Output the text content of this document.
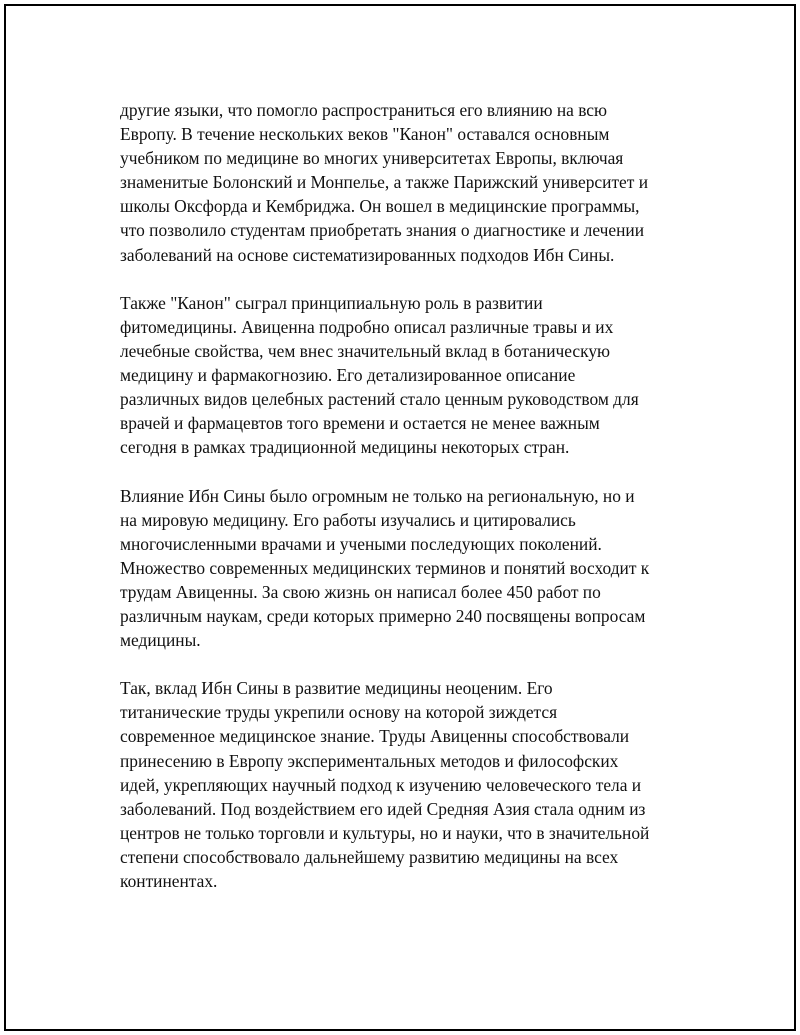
другие языки, что помогло распространиться его влиянию на всю
Европу. В течение нескольких веков "Канон" оставался основным
учебником по медицине во многих университетах Европы, включая
знаменитые Болонский и Монпелье, а также Парижский университет и
школы Оксфорда и Кембриджа. Он вошел в медицинские программы,
что позволило студентам приобретать знания о диагностике и лечении
заболеваний на основе систематизированных подходов Ибн Сины.

Также "Канон" сыграл принципиальную роль в развитии
фитомедицины. Авиценна подробно описал различные травы и их
лечебные свойства, чем внес значительный вклад в ботаническую
медицину и фармакогнозию. Его детализированное описание
различных видов целебных растений стало ценным руководством для
врачей и фармацевтов того времени и остается не менее важным
сегодня в рамках традиционной медицины некоторых стран.

Влияние Ибн Сины было огромным не только на региональную, но и
на мировую медицину. Его работы изучались и цитировались
многочисленными врачами и учеными последующих поколений.
Множество современных медицинских терминов и понятий восходит к
трудам Авиценны. За свою жизнь он написал более 450 работ по
различным наукам, среди которых примерно 240 посвящены вопросам
медицины.

Так, вклад Ибн Сины в развитие медицины неоценим. Его
титанические труды укрепили основу на которой зиждется
современное медицинское знание. Труды Авиценны способствовали
принесению в Европу экспериментальных методов и философских
идей, укрепляющих научный подход к изучению человеческого тела и
заболеваний. Под воздействием его идей Средняя Азия стала одним из
центров не только торговли и культуры, но и науки, что в значительной
степени способствовало дальнейшему развитию медицины на всех
континентах.
